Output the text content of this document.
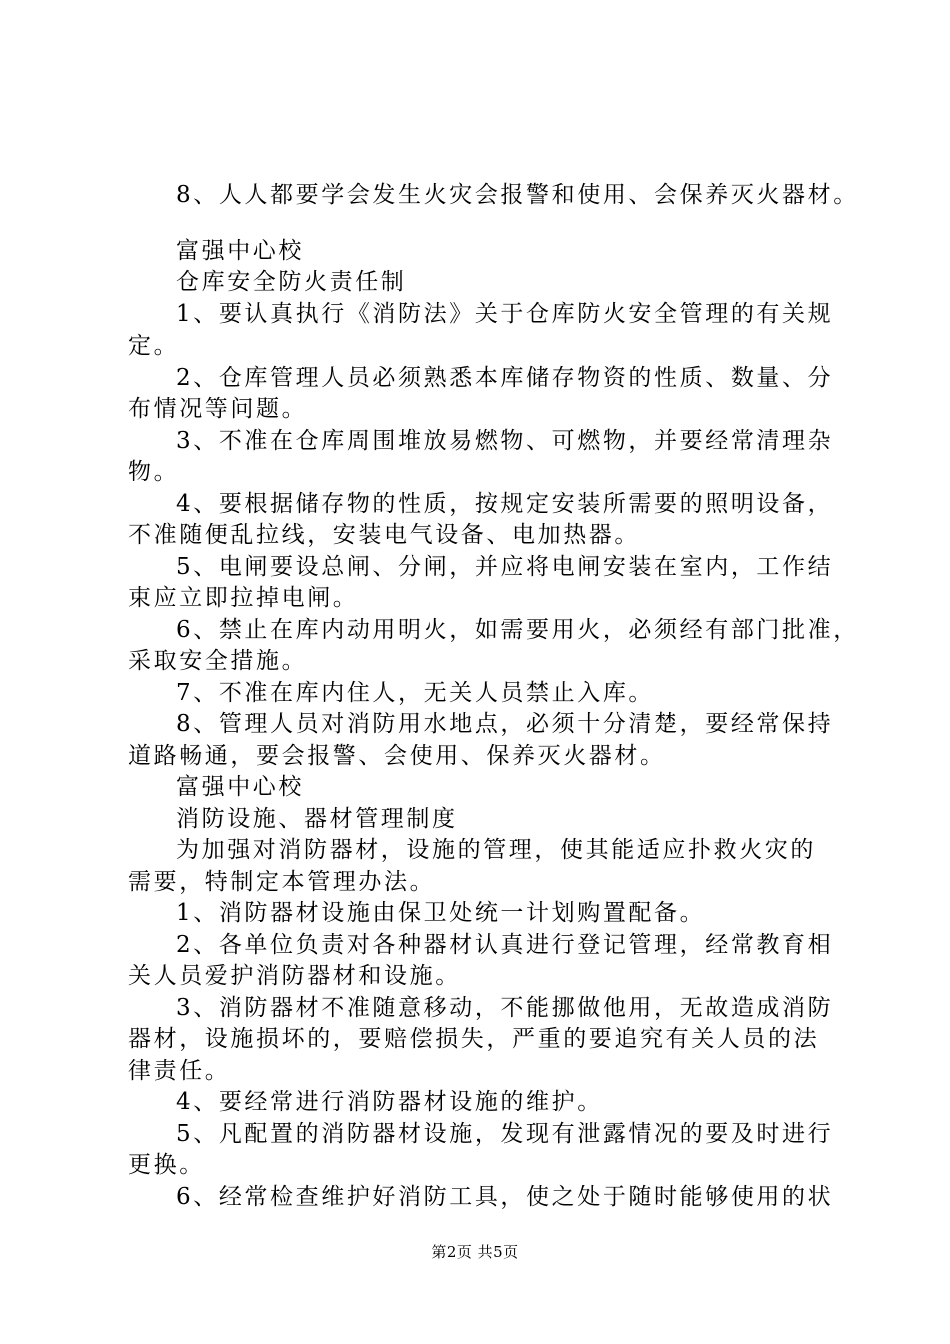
8、人人都要学会发生火灾会报警和使用、会保养灭火器材。
富强中心校
仓库安全防火责任制
1、要认真执行《消防法》关于仓库防火安全管理的有关规
定。
2、仓库管理人员必须熟悉本库储存物资的性质、数量、分
布情况等问题。
3、不准在仓库周围堆放易燃物、可燃物，并要经常清理杂
物。
4、要根据储存物的性质，按规定安装所需要的照明设备，
不准随便乱拉线，安装电气设备、电加热器。
5、电闸要设总闸、分闸，并应将电闸安装在室内，工作结
束应立即拉掉电闸。
6、禁止在库内动用明火，如需要用火，必须经有部门批准，
采取安全措施。
7、不准在库内住人，无关人员禁止入库。
8、管理人员对消防用水地点，必须十分清楚，要经常保持
道路畅通，要会报警、会使用、保养灭火器材。
富强中心校
消防设施、器材管理制度
为加强对消防器材，设施的管理，使其能适应扑救火灾的
需要，特制定本管理办法。
1、消防器材设施由保卫处统一计划购置配备。
2、各单位负责对各种器材认真进行登记管理，经常教育相
关人员爱护消防器材和设施。
3、消防器材不准随意移动，不能挪做他用，无故造成消防
器材，设施损坏的，要赔偿损失，严重的要追究有关人员的法
律责任。
4、要经常进行消防器材设施的维护。
5、凡配置的消防器材设施，发现有泄露情况的要及时进行
更换。
6、经常检查维护好消防工具，使之处于随时能够使用的状
第2页 共5页
